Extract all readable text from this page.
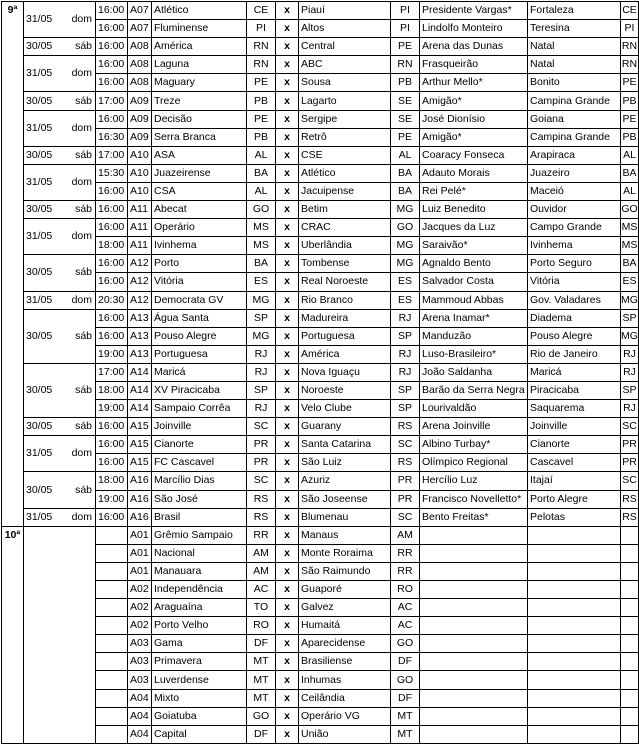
9ª	31/05	dom	16:00	A07	Atlético	CE	x	Piauí	PI	Presidente Vargas*	Fortaleza	CE
			16:00	A07	Fluminense	PI	x	Altos	PI	Lindolfo Monteiro	Teresina	PI
	30/05	sáb	16:00	A08	América	RN	x	Central	PE	Arena das Dunas	Natal	RN
	31/05	dom	16:00	A08	Laguna	RN	x	ABC	RN	Frasqueirão	Natal	RN
			16:00	A08	Maguary	PE	x	Sousa	PB	Arthur Mello*	Bonito	PE
	30/05	sáb	17:00	A09	Treze	PB	x	Lagarto	SE	Amigão*	Campina Grande	PB
	31/05	dom	16:00	A09	Decisão	PE	x	Sergipe	SE	José Dionísio	Goiana	PE
			16:30	A09	Serra Branca	PB	x	Retrô	PE	Amigão*	Campina Grande	PB
	30/05	sáb	17:00	A10	ASA	AL	x	CSE	AL	Coaracy Fonseca	Arapiraca	AL
	31/05	dom	15:30	A10	Juazeirense	BA	x	Atlético	BA	Adauto Morais	Juazeiro	BA
			16:00	A10	CSA	AL	x	Jacuipense	BA	Rei Pelé*	Maceió	AL
	30/05	sáb	16:00	A11	Abecat	GO	x	Betim	MG	Luiz Benedito	Ouvidor	GO
	31/05	dom	16:00	A11	Operário	MS	x	CRAC	GO	Jacques da Luz	Campo Grande	MS
			18:00	A11	Ivinhema	MS	x	Uberlândia	MG	Saraivão*	Ivinhema	MS
	30/05	sáb	16:00	A12	Porto	BA	x	Tombense	MG	Agnaldo Bento	Porto Seguro	BA
			16:00	A12	Vitória	ES	x	Real Noroeste	ES	Salvador Costa	Vitória	ES
	31/05	dom	20:30	A12	Democrata GV	MG	x	Rio Branco	ES	Mammoud Abbas	Gov. Valadares	MG
	30/05	sáb	16:00	A13	Água Santa	SP	x	Madureira	RJ	Arena Inamar*	Diadema	SP
			16:00	A13	Pouso Alegre	MG	x	Portuguesa	SP	Manduzão	Pouso Alegre	MG
			19:00	A13	Portuguesa	RJ	x	América	RJ	Luso-Brasileiro*	Rio de Janeiro	RJ
	30/05	sáb	17:00	A14	Maricá	RJ	x	Nova Iguaçu	RJ	João Saldanha	Maricá	RJ
			18:00	A14	XV Piracicaba	SP	x	Noroeste	SP	Barão da Serra Negra	Piracicaba	SP
			19:00	A14	Sampaio Corrêa	RJ	x	Velo Clube	SP	Lourivaldão	Saquarema	RJ
	30/05	sáb	16:00	A15	Joinville	SC	x	Guarany	RS	Arena Joinville	Joinville	SC
	31/05	dom	16:00	A15	Cianorte	PR	x	Santa Catarina	SC	Albino Turbay*	Cianorte	PR
			16:00	A15	FC Cascavel	PR	x	São Luiz	RS	Olímpico Regional	Cascavel	PR
	30/05	sáb	18:00	A16	Marcílio Dias	SC	x	Azuriz	PR	Hercílio Luz	Itajaí	SC
			19:00	A16	São José	RS	x	São Joseense	PR	Francisco Novelletto*	Porto Alegre	RS
	31/05	dom	16:00	A16	Brasil	RS	x	Blumenau	SC	Bento Freitas*	Pelotas	RS
10ª				A01	Grêmio Sampaio	RR	x	Manaus	AM			
				A01	Nacional	AM	x	Monte Roraima	RR			
				A01	Manauara	AM	x	São Raimundo	RR			
				A02	Independência	AC	x	Guaporé	RO			
				A02	Araguaína	TO	x	Galvez	AC			
				A02	Porto Velho	RO	x	Humaitá	AC			
				A03	Gama	DF	x	Aparecidense	GO			
				A03	Primavera	MT	x	Brasiliense	DF			
				A03	Luverdense	MT	x	Inhumas	GO			
				A04	Mixto	MT	x	Ceilândia	DF			
				A04	Goiatuba	GO	x	Operário VG	MT			
				A04	Capital	DF	x	União	MT			
